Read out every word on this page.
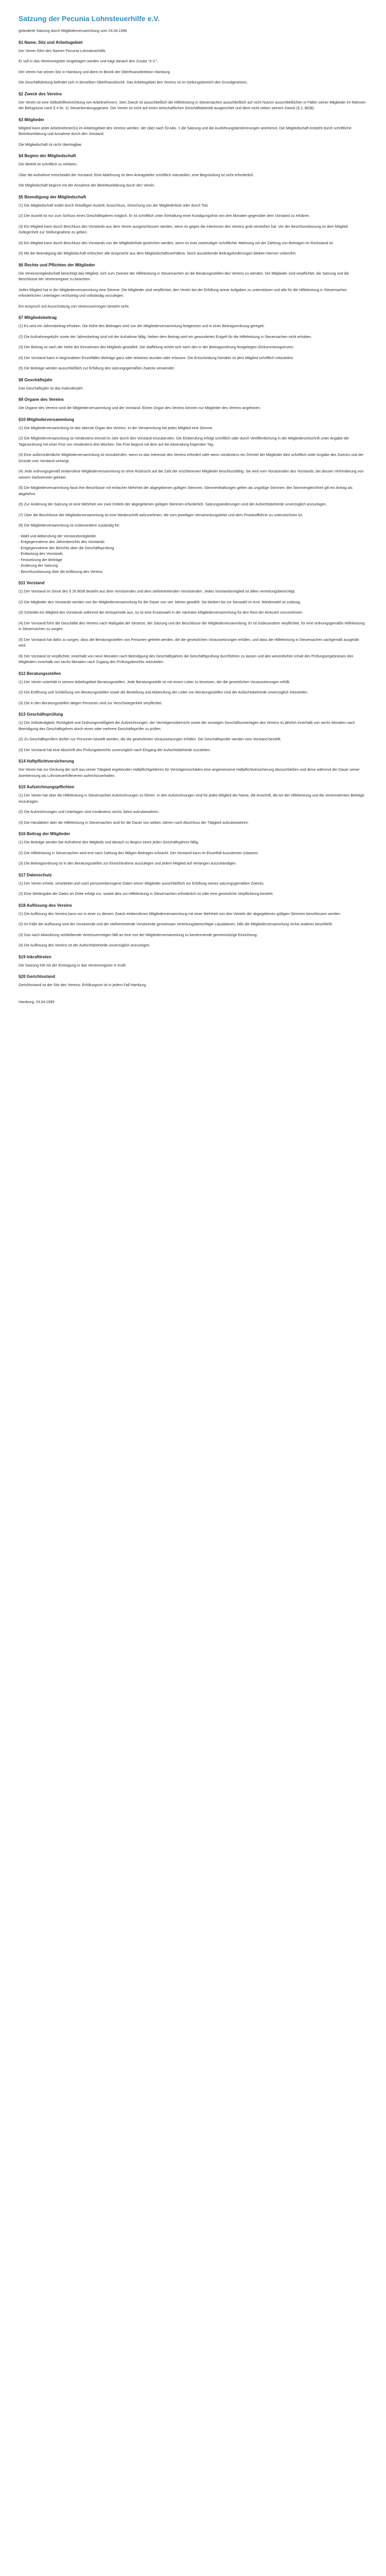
Satzung der Pecunia Lohnsteuerhilfe e.V.

geänderte Satzung durch Mitgliederversammlung vom 24.04.1999

§1 Name, Sitz und Arbeitsgebiet

Der Verein führt den Namen Pecunia Lohnsteuerhilfe.

Er soll in das Vereinsregister eingetragen werden und trägt danach den Zusatz "e.V.".

Der Verein hat seinen Sitz in Hamburg und dient im Bezirk der Oberfinanzdirektion Hamburg.

Die Geschäftsleitung befindet sich in derselben Oberfinanzbezirk. Das Arbeitsgebiet des Vereins ist im Geltungsbereich des Grundgesetzes.

§2 Zweck des Vereins

Der Verein ist eine Selbsthilfeeinrichtung von Arbeitnehmern. Sein Zweck ist ausschließlich die Hilfeleistung in Steuersachen ausschließlich auf nicht Nutzen ausschließlichen in Fällen seiner Mitglieder im Rahmen der Befugnisse nach § 4 Nr. 11 Steuerberatungsgesetz. Der Verein ist nicht auf einen wirtschaftlichen Geschäftsbetrieb ausgerichtet und dient nicht neben seinem Zweck (§ 2, BGB).

§3 Mitglieder

Mitglied kann jeder Arbeitnehmer(in) im Arbeitsgebiet des Vereins werden, der (die) nach §3 Abs. 1 die Satzung und die Ausführungsbestimmungen anerkennt. Die Mitgliedschaft entsteht durch schriftliche Beitrittserklärung und Annahme durch den Vorstand.

Die Mitgliedschaft ist nicht übertragbar.

§4 Beginn der Mitgliedschaft

Der Beitritt ist schriftlich zu erklären.

Über die Aufnahme entscheidet der Vorstand. Eine Ablehnung ist dem Antragsteller schriftlich mitzuteilen; eine Begründung ist nicht erforderlich.

Die Mitgliedschaft beginnt mit der Annahme der Beitrittserklärung durch den Verein.

§5 Beendigung der Mitgliedschaft

(1) Die Mitgliedschaft endet durch freiwilligen Austritt, Ausschluss, Streichung von der Mitgliederliste oder durch Tod.

(2) Der Austritt ist nur zum Schluss eines Geschäftsjahres möglich. Er ist schriftlich unter Einhaltung einer Kündigungsfrist von drei Monaten gegenüber dem Vorstand zu erklären.

(3) Ein Mitglied kann durch Beschluss des Vorstands aus dem Verein ausgeschlossen werden, wenn es gegen die Interessen des Vereins grob verstoßen hat. Vor der Beschlussfassung ist dem Mitglied Gelegenheit zur Stellungnahme zu geben.

(4) Ein Mitglied kann durch Beschluss des Vorstands von der Mitgliederliste gestrichen werden, wenn es trotz zweimaliger schriftlicher Mahnung mit der Zahlung von Beiträgen im Rückstand ist.

(5) Mit der Beendigung der Mitgliedschaft erlöschen alle Ansprüche aus dem Mitgliedschaftsverhältnis. Noch ausstehende Beitragsforderungen bleiben hiervon unberührt.

§6 Rechte und Pflichten der Mitglieder

Die Vereinsmitgliedschaft berechtigt das Mitglied, sich zum Zwecke der Hilfeleistung in Steuersachen an die Beratungsstellen des Vereins zu wenden. Die Mitglieder sind verpflichtet, die Satzung und die Beschlüsse der Vereinsorgane zu beachten.

Jedes Mitglied hat in der Mitgliederversammlung eine Stimme. Die Mitglieder sind verpflichtet, den Verein bei der Erfüllung seiner Aufgaben zu unterstützen und alle für die Hilfeleistung in Steuersachen erforderlichen Unterlagen rechtzeitig und vollständig vorzulegen.

Ein Anspruch auf Ausschüttung von Vereinsvermögen besteht nicht.

§7 Mitgliedsbeitrag

(1) Es wird ein Jahresbeitrag erhoben. Die Höhe des Beitrages wird von der Mitgliederversammlung festgesetzt und in einer Beitragsordnung geregelt.

(2) Die Aufnahmegebühr sowie der Jahresbeitrag sind mit der Aufnahme fällig. Neben dem Beitrag wird ein gesondertes Entgelt für die Hilfeleistung in Steuersachen nicht erhoben.

(3) Der Beitrag ist nach der Höhe der Einnahmen des Mitglieds gestaffelt. Die Staffelung richtet sich nach den in der Beitragsordnung festgelegten Einkommensgrenzen.

(4) Der Vorstand kann in begründeten Einzelfällen Beiträge ganz oder teilweise stunden oder erlassen. Die Entscheidung hierüber ist dem Mitglied schriftlich mitzuteilen.

(5) Die Beiträge werden ausschließlich zur Erfüllung des satzungsgemäßen Zwecks verwendet.

§8 Geschäftsjahr

Das Geschäftsjahr ist das Kalenderjahr.

§9 Organe des Vereins

Die Organe des Vereins sind die Mitgliederversammlung und der Vorstand. Einem Organ des Vereins können nur Mitglieder des Vereins angehören.

§10 Mitgliederversammlung

(1) Die Mitgliederversammlung ist das oberste Organ des Vereins. In der Versammlung hat jedes Mitglied eine Stimme.

(2) Die Mitgliederversammlung ist mindestens einmal im Jahr durch den Vorstand einzuberufen. Die Einberufung erfolgt schriftlich oder durch Veröffentlichung in der Mitgliederzeitschrift unter Angabe der Tagesordnung mit einer Frist von mindestens drei Wochen. Die Frist beginnt mit dem auf die Absendung folgenden Tag.

(3) Eine außerordentliche Mitgliederversammlung ist einzuberufen, wenn es das Interesse des Vereins erfordert oder wenn mindestens ein Zehntel der Mitglieder dies schriftlich unter Angabe des Zwecks und der Gründe vom Vorstand verlangt.

(4) Jede ordnungsgemäß einberufene Mitgliederversammlung ist ohne Rücksicht auf die Zahl der erschienenen Mitglieder beschlussfähig. Sie wird vom Vorsitzenden des Vorstands, bei dessen Verhinderung von seinem Stellvertreter geleitet.

(5) Die Mitgliederversammlung fasst ihre Beschlüsse mit einfacher Mehrheit der abgegebenen gültigen Stimmen; Stimmenthaltungen gelten als ungültige Stimmen. Bei Stimmengleichheit gilt ein Antrag als abgelehnt.

(6) Zur Änderung der Satzung ist eine Mehrheit von zwei Dritteln der abgegebenen gültigen Stimmen erforderlich. Satzungsänderungen sind der Aufsichtsbehörde unverzüglich anzuzeigen.

(7) Über die Beschlüsse der Mitgliederversammlung ist eine Niederschrift aufzunehmen, die vom jeweiligen Versammlungsleiter und dem Protokollführer zu unterzeichnen ist.

(8) Die Mitgliederversammlung ist insbesondere zuständig für:

- Wahl und Abberufung der Vorstandsmitglieder
- Entgegennahme des Jahresberichts des Vorstands
- Entgegennahme des Berichts über die Geschäftsprüfung
- Entlastung des Vorstands
- Festsetzung der Beiträge
- Änderung der Satzung
- Beschlussfassung über die Auflösung des Vereins

§11 Vorstand

(1) Der Vorstand im Sinne des § 26 BGB besteht aus dem Vorsitzenden und dem stellvertretenden Vorsitzenden. Jedes Vorstandsmitglied ist allein vertretungsberechtigt.

(2) Die Mitglieder des Vorstands werden von der Mitgliederversammlung für die Dauer von vier Jahren gewählt. Sie bleiben bis zur Neuwahl im Amt. Wiederwahl ist zulässig.

(3) Scheidet ein Mitglied des Vorstands während der Amtsperiode aus, so ist eine Ersatzwahl in der nächsten Mitgliederversammlung für den Rest der Amtszeit vorzunehmen.

(4) Der Vorstand führt die Geschäfte des Vereins nach Maßgabe der Gesetze, der Satzung und der Beschlüsse der Mitgliederversammlung. Er ist insbesondere verpflichtet, für eine ordnungsgemäße Hilfeleistung in Steuersachen zu sorgen.

(5) Der Vorstand hat dafür zu sorgen, dass die Beratungsstellen von Personen geleitet werden, die die gesetzlichen Voraussetzungen erfüllen, und dass die Hilfeleistung in Steuersachen sachgemäß ausgeübt wird.

(6) Der Vorstand ist verpflichtet, innerhalb von neun Monaten nach Beendigung des Geschäftsjahres die Geschäftsprüfung durchführen zu lassen und den wesentlichen Inhalt des Prüfungsergebnisses den Mitgliedern innerhalb von sechs Monaten nach Zugang des Prüfungsberichts mitzuteilen.

§12 Beratungsstellen

(1) Der Verein unterhält in seinem Arbeitsgebiet Beratungsstellen. Jede Beratungsstelle ist mit einem Leiter zu besetzen, der die gesetzlichen Voraussetzungen erfüllt.

(2) Die Eröffnung und Schließung von Beratungsstellen sowie die Bestellung und Abberufung der Leiter von Beratungsstellen sind der Aufsichtsbehörde unverzüglich mitzuteilen.

(3) Die in den Beratungsstellen tätigen Personen sind zur Verschwiegenheit verpflichtet.

§13 Geschäftsprüfung

(1) Die Vollständigkeit, Richtigkeit und Ordnungsmäßigkeit der Aufzeichnungen, der Vermögensübersicht sowie der sonstigen Geschäftsunterlagen des Vereins ist jährlich innerhalb von sechs Monaten nach Beendigung des Geschäftsjahres durch einen oder mehrere Geschäftsprüfer zu prüfen.

(2) Zu Geschäftsprüfern dürfen nur Personen bestellt werden, die die gesetzlichen Voraussetzungen erfüllen. Die Geschäftsprüfer werden vom Vorstand bestellt.

(3) Der Vorstand hat eine Abschrift des Prüfungsberichts unverzüglich nach Eingang der Aufsichtsbehörde zuzuleiten.

§14 Haftpflichtversicherung

Der Verein hat zur Deckung der sich aus seiner Tätigkeit ergebenden Haftpflichtgefahren für Vermögensschäden eine angemessene Haftpflichtversicherung abzuschließen und diese während der Dauer seiner Anerkennung als Lohnsteuerhilfeverein aufrechtzuerhalten.

§15 Aufzeichnungspflichten

(1) Der Verein hat über die Hilfeleistung in Steuersachen Aufzeichnungen zu führen. In den Aufzeichnungen sind für jedes Mitglied der Name, die Anschrift, die Art der Hilfeleistung und die vereinnahmten Beiträge einzutragen.

(2) Die Aufzeichnungen und Unterlagen sind mindestens sechs Jahre aufzubewahren.

(3) Die Handakten über die Hilfeleistung in Steuersachen sind für die Dauer von sieben Jahren nach Abschluss der Tätigkeit aufzubewahren.

§16 Beitrag der Mitglieder

(1) Die Beiträge werden bei Aufnahme des Mitglieds und danach zu Beginn eines jeden Geschäftsjahres fällig.

(2) Die Hilfeleistung in Steuersachen wird erst nach Zahlung des fälligen Beitrages erbracht. Der Vorstand kann im Einzelfall Ausnahmen zulassen.

(3) Die Beitragsordnung ist in den Beratungsstellen zur Einsichtnahme auszulegen und jedem Mitglied auf Verlangen auszuhändigen.

§17 Datenschutz

(1) Der Verein erhebt, verarbeitet und nutzt personenbezogene Daten seiner Mitglieder ausschließlich zur Erfüllung seines satzungsgemäßen Zwecks.

(2) Eine Weitergabe der Daten an Dritte erfolgt nur, soweit dies zur Hilfeleistung in Steuersachen erforderlich ist oder eine gesetzliche Verpflichtung besteht.

§18 Auflösung des Vereins

(1) Die Auflösung des Vereins kann nur in einer zu diesem Zweck einberufenen Mitgliederversammlung mit einer Mehrheit von drei Vierteln der abgegebenen gültigen Stimmen beschlossen werden.

(2) Im Falle der Auflösung sind der Vorsitzende und der stellvertretende Vorsitzende gemeinsam vertretungsberechtigte Liquidatoren, falls die Mitgliederversammlung nichts anderes beschließt.

(3) Das nach Abwicklung verbleibende Vereinsvermögen fällt an eine von der Mitgliederversammlung zu bestimmende gemeinnützige Einrichtung.

(4) Die Auflösung des Vereins ist der Aufsichtsbehörde unverzüglich anzuzeigen.

§19 Inkrafttreten

Die Satzung tritt mit der Eintragung in das Vereinsregister in Kraft.

§20 Gerichtsstand

Gerichtsstand ist der Sitz des Vereins. Erfüllungsort ist in jedem Fall Hamburg.

Hamburg, 24.04.1999
